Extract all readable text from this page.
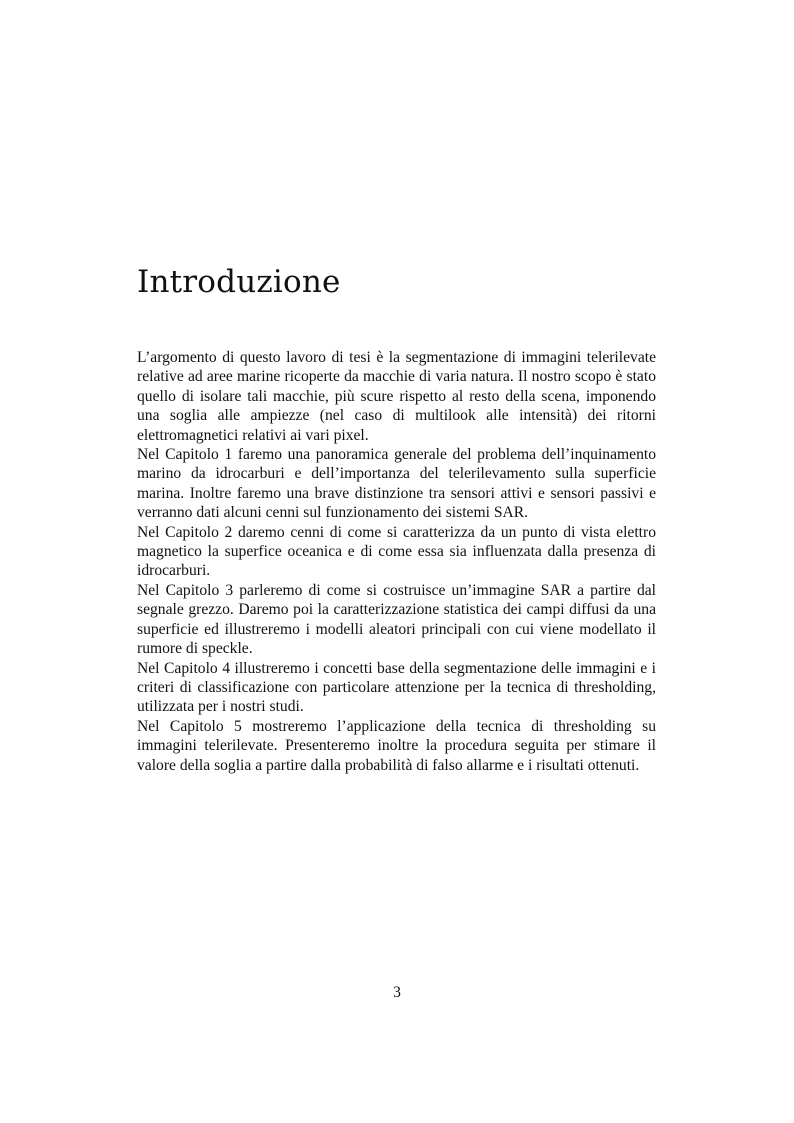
Introduzione

L’argomento di questo lavoro di tesi è la segmentazione di immagini telerilevate relative ad aree marine ricoperte da macchie di varia natura. Il nostro scopo è stato quello di isolare tali macchie, più scure rispetto al resto della scena, imponendo una soglia alle ampiezze (nel caso di multilook alle intensità) dei ritorni elettromagnetici relativi ai vari pixel.

Nel Capitolo 1 faremo una panoramica generale del problema dell’inquinamento marino da idrocarburi e dell’importanza del telerilevamento sulla superficie marina. Inoltre faremo una brave distinzione tra sensori attivi e sensori passivi e verranno dati alcuni cenni sul funzionamento dei sistemi SAR.

Nel Capitolo 2 daremo cenni di come si caratterizza da un punto di vista elettro magnetico la superfice oceanica e di come essa sia influenzata dalla presenza di idrocarburi.

Nel Capitolo 3 parleremo di come si costruisce un’immagine SAR a partire dal segnale grezzo. Daremo poi la caratterizzazione statistica dei campi diffusi da una superficie ed illustreremo i modelli aleatori principali con cui viene modellato il rumore di speckle.

Nel Capitolo 4 illustreremo i concetti base della segmentazione delle immagini e i criteri di classificazione con particolare attenzione per la tecnica di thresholding, utilizzata per i nostri studi.

Nel Capitolo 5 mostreremo l’applicazione della tecnica di thresholding su immagini telerilevate. Presenteremo inoltre la procedura seguita per stimare il valore della soglia a partire dalla probabilità di falso allarme e i risultati ottenuti.

3
